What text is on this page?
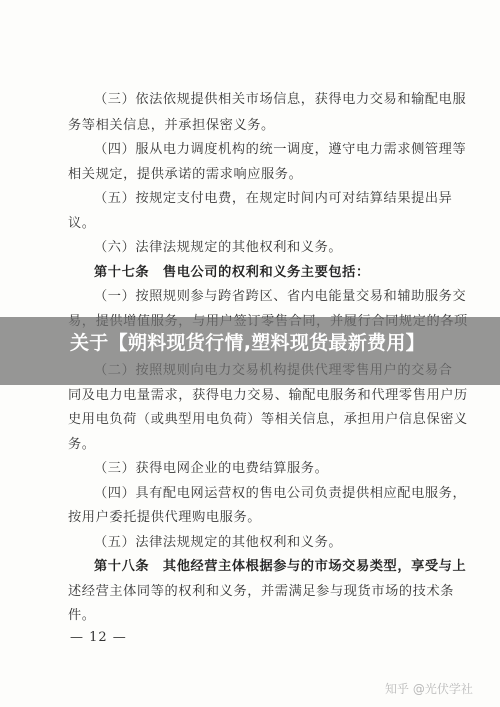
（三）依法依规提供相关市场信息，获得电力交易和输配电服
务等相关信息，并承担保密义务。
（四）服从电力调度机构的统一调度，遵守电力需求侧管理等
相关规定，提供承诺的需求响应服务。
（五）按规定支付电费，在规定时间内可对结算结果提出异
议。
（六）法律法规规定的其他权利和义务。
第十七条　售电公司的权利和义务主要包括：
（一）按照规则参与跨省跨区、省内电能量交易和辅助服务交
同及电力电量需求，获得电力交易、输配电服务和代理零售用户历
史用电负荷（或典型用电负荷）等相关信息，承担用户信息保密义
务。
（三）获得电网企业的电费结算服务。
（四）具有配电网运营权的售电公司负责提供相应配电服务，
按用户委托提供代理购电服务。
（五）法律法规规定的其他权利和义务。
第十八条　其他经营主体根据参与的市场交易类型，享受与上
述经营主体同等的权利和义务，并需满足参与现货市场的技术条
件。
— 12 —
关于【朔料现货行情,塑料现货最新费用】
知乎 @光伏学社
